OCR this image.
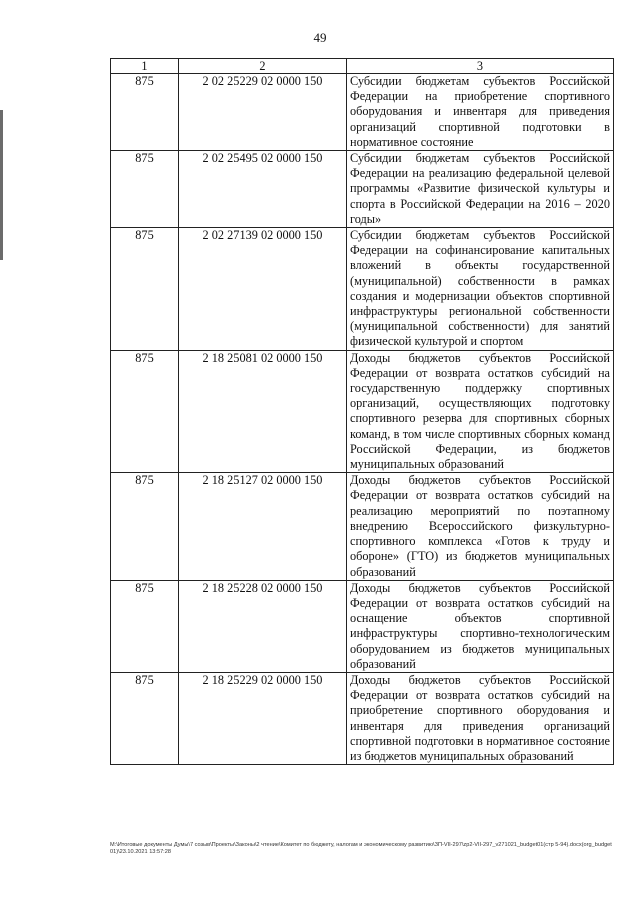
49
1	2	3
875	2 02 25229 02 0000 150	Субсидии бюджетам субъектов Российской Федерации на приобретение спортивного оборудования и инвентаря для приведения организаций спортивной подготовки в нормативное состояние
875	2 02 25495 02 0000 150	Субсидии бюджетам субъектов Российской Федерации на реализацию федеральной целевой программы «Развитие физической культуры и спорта в Российской Федерации на 2016 – 2020 годы»
875	2 02 27139 02 0000 150	Субсидии бюджетам субъектов Российской Федерации на софинансирование капитальных вложений в объекты государственной (муниципальной) собственности в рамках создания и модернизации объектов спортивной инфраструктуры региональной собственности (муниципальной собственности) для занятий физической культурой и спортом
875	2 18 25081 02 0000 150	Доходы бюджетов субъектов Российской Федерации от возврата остатков субсидий на государственную поддержку спортивных организаций, осуществляющих подготовку спортивного резерва для спортивных сборных команд, в том числе спортивных сборных команд Российской Федерации, из бюджетов муниципальных образований
875	2 18 25127 02 0000 150	Доходы бюджетов субъектов Российской Федерации от возврата остатков субсидий на реализацию мероприятий по поэтапному внедрению Всероссийского физкультурно-спортивного комплекса «Готов к труду и обороне» (ГТО) из бюджетов муниципальных образований
875	2 18 25228 02 0000 150	Доходы бюджетов субъектов Российской Федерации от возврата остатков субсидий на оснащение объектов спортивной инфраструктуры спортивно-технологическим оборудованием из бюджетов муниципальных образований
875	2 18 25229 02 0000 150	Доходы бюджетов субъектов Российской Федерации от возврата остатков субсидий на приобретение спортивного оборудования и инвентаря для приведения организаций спортивной подготовки в нормативное состояние из бюджетов муниципальных образований
M:\Итоговые документы Думы\7 созыв\Проекты\Законы\2 чтение\Комитет по бюджету, налогам и экономическому развитию\ЗП-VII-297\zp2-VII-297_v271021_budget01(стр 5-94).docx(org_budget01)\23.10.2021 13:57:28
